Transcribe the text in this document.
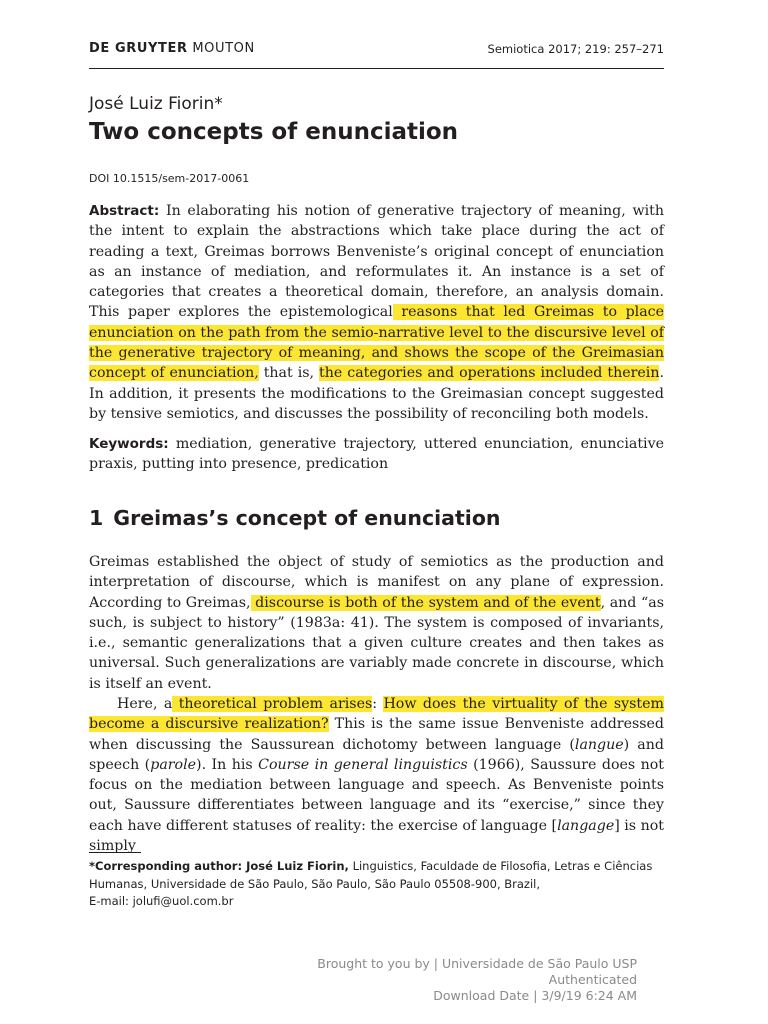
DE GRUYTER MOUTON	Semiotica 2017; 219: 257–271
José Luiz Fiorin*
Two concepts of enunciation
DOI 10.1515/sem-2017-0061
Abstract: In elaborating his notion of generative trajectory of meaning, with the intent to explain the abstractions which take place during the act of reading a text, Greimas borrows Benveniste’s original concept of enunciation as an instance of mediation, and reformulates it. An instance is a set of categories that creates a theoretical domain, therefore, an analysis domain. This paper explores the epistemological reasons that led Greimas to place enunciation on the path from the semio-narrative level to the discursive level of the generative trajectory of meaning, and shows the scope of the Greimasian concept of enunciation, that is, the categories and operations included therein. In addition, it presents the modifications to the Greimasian concept suggested by tensive semiotics, and discusses the possibility of reconciling both models.
Keywords: mediation, generative trajectory, uttered enunciation, enunciative praxis, putting into presence, predication
1 Greimas’s concept of enunciation
Greimas established the object of study of semiotics as the production and interpretation of discourse, which is manifest on any plane of expression. According to Greimas, discourse is both of the system and of the event, and “as such, is subject to history” (1983a: 41). The system is composed of invariants, i.e., semantic generalizations that a given culture creates and then takes as universal. Such generalizations are variably made concrete in discourse, which is itself an event.
Here, a theoretical problem arises: How does the virtuality of the system become a discursive realization? This is the same issue Benveniste addressed when discussing the Saussurean dichotomy between language (langue) and speech (parole). In his Course in general linguistics (1966), Saussure does not focus on the mediation between language and speech. As Benveniste points out, Saussure differentiates between language and its “exercise,” since they each have different statuses of reality: the exercise of language [langage] is not simply
*Corresponding author: José Luiz Fiorin, Linguistics, Faculdade de Filosofia, Letras e Ciências Humanas, Universidade de São Paulo, São Paulo, São Paulo 05508-900, Brazil,
E-mail: jolufi@uol.com.br
Brought to you by | Universidade de São Paulo USP
Authenticated
Download Date | 3/9/19 6:24 AM
